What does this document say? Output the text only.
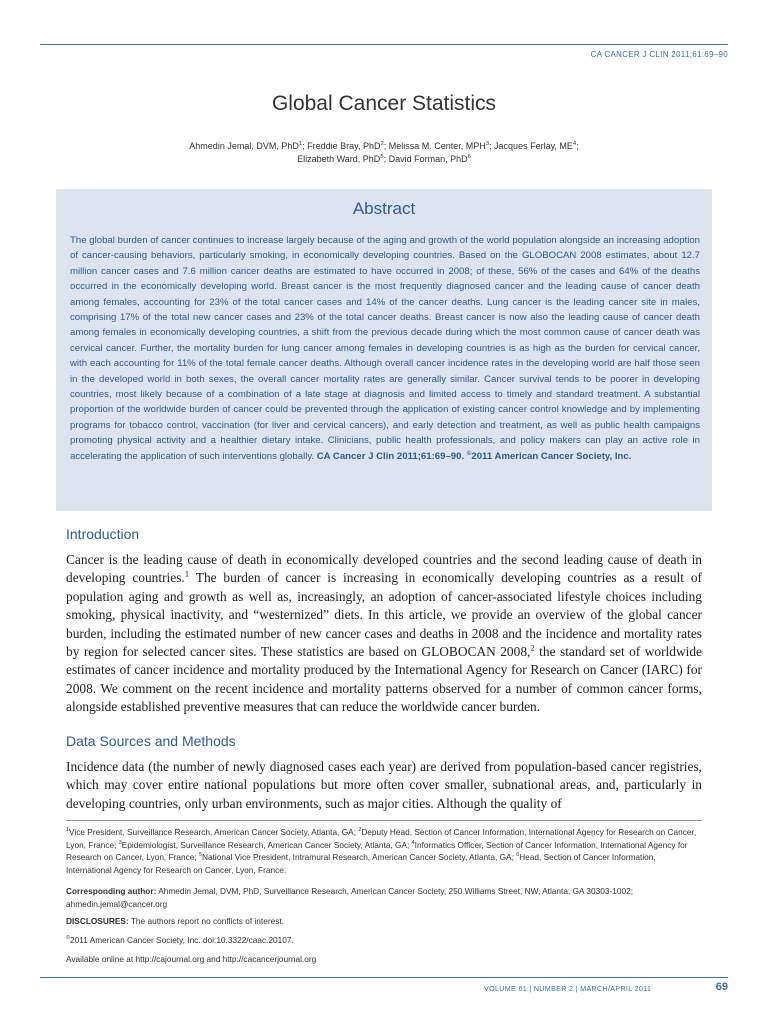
CA CANCER J CLIN 2011;61:69–90
Global Cancer Statistics
Ahmedin Jemal, DVM, PhD$^1$; Freddie Bray, PhD$^2$; Melissa M. Center, MPH$^3$; Jacques Ferlay, $ME^4$;
Elizabeth Ward, PhD$^5$; David Forman, PhD$^6$
Abstract

The global burden of cancer continues to increase largely because of the aging and growth of the world population alongside an increasing adoption of cancer-causing behaviors, particularly smoking, in economically developing countries. Based on the GLOBOCAN 2008 estimates, about 12.7 million cancer cases and 7.6 million cancer deaths are estimated to have occurred in 2008; of these, 56% of the cases and 64% of the deaths occurred in the economically developing world. Breast cancer is the most frequently diagnosed cancer and the leading cause of cancer death among females, accounting for 23% of the total cancer cases and 14% of the cancer deaths. Lung cancer is the leading cancer site in males, comprising 17% of the total new cancer cases and 23% of the total cancer deaths. Breast cancer is now also the leading cause of cancer death among females in economically developing countries, a shift from the previous decade during which the most common cause of cancer death was cervical cancer. Further, the mortality burden for lung cancer among females in developing countries is as high as the burden for cervical cancer, with each accounting for 11% of the total female cancer deaths. Although overall cancer incidence rates in the developing world are half those seen in the developed world in both sexes, the overall cancer mortality rates are generally similar. Cancer survival tends to be poorer in developing countries, most likely because of a combination of a late stage at diagnosis and limited access to timely and standard treatment. A substantial proportion of the worldwide burden of cancer could be prevented through the application of existing cancer control knowledge and by implementing programs for tobacco control, vaccination (for liver and cervical cancers), and early detection and treatment, as well as public health campaigns promoting physical activity and a healthier dietary intake. Clinicians, public health professionals, and policy makers can play an active role in accelerating the application of such interventions globally. CA Cancer J Clin 2011;61:69–90. ©2011 American Cancer Society, Inc.

Introduction

Cancer is the leading cause of death in economically developed countries and the second leading cause of death in developing countries.$^1$ The burden of cancer is increasing in economically developing countries as a result of population aging and growth as well as, increasingly, an adoption of cancer-associated lifestyle choices including smoking, physical inactivity, and “westernized” diets. In this article, we provide an overview of the global cancer burden, including the estimated number of new cancer cases and deaths in 2008 and the incidence and mortality rates by region for selected cancer sites. These statistics are based on GLOBOCAN 2008,$^2$ the standard set of worldwide estimates of cancer incidence and mortality produced by the International Agency for Research on Cancer (IARC) for 2008. We comment on the recent incidence and mortality patterns observed for a number of common cancer forms, alongside established preventive measures that can reduce the worldwide cancer burden.

Data Sources and Methods

Incidence data (the number of newly diagnosed cases each year) are derived from population-based cancer registries, which may cover entire national populations but more often cover smaller, subnational areas, and, particularly in developing countries, only urban environments, such as major cities. Although the quality of

$^1$Vice President, Surveillance Research, American Cancer Society, Atlanta, GA; $^2$Deputy Head, Section of Cancer Information, International Agency for Research on Cancer, Lyon, France; $^3$Epidemiologist, Surveillance Research, American Cancer Society, Atlanta, GA; $^4$Informatics Officer, Section of Cancer Information, International Agency for Research on Cancer, Lyon, France; $^5$National Vice President, Intramural Research, American Cancer Society, Atlanta, GA; $^6$Head, Section of Cancer Information, International Agency for Research on Cancer, Lyon, France.

Corresponding author: Ahmedin Jemal, DVM, PhD, Surveillance Research, American Cancer Society, 250 Williams Street, NW, Atlanta, GA 30303-1002; ahmedin.jemal@cancer.org

DISCLOSURES: The authors report no conflicts of interest.

©2011 American Cancer Society, Inc. doi:10.3322/caac.20107.

Available online at http://cajournal.org and http://cacancerjournal.org

VOLUME 61 | NUMBER 2 | MARCH/APRIL 2011	69
